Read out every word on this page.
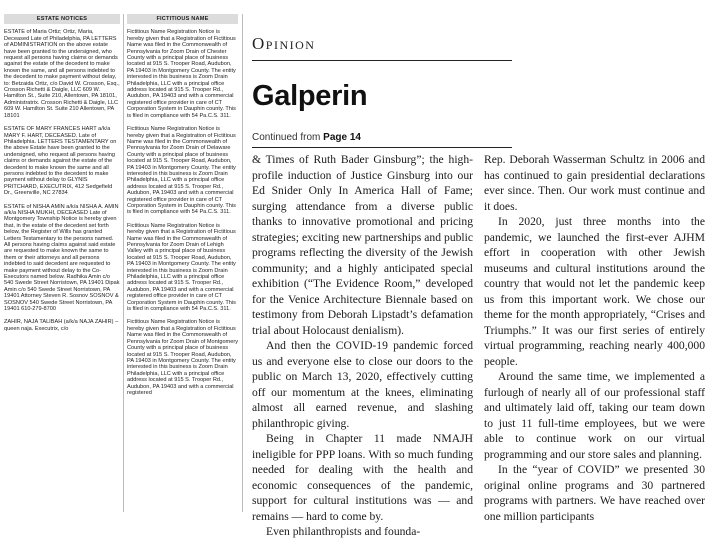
ESTATE NOTICES

ESTATE of Maria Ortiz; Ortiz, Maria, Deceased Late of Philadelphia, PA LETTERS of ADMINISTRATION on the above estate have been granted to the undersigned, who request all persons having claims or demands against the estate of the decedent to make known the same, and all persons indebted to the decedent to make payment without delay, to: Betzaida Ortiz, c/o David W. Crosson, Esq., Crosson Richetti & Daigle, LLC 609 W. Hamilton St., Suite 210, Allentown, PA 18101, Administratrix. Crosson Richetti & Daigle, LLC 609 W. Hamilton St. Suite 210 Allentown, PA 18101

ESTATE OF MARY FRANCES HART a/k/a MARY F. HART, DECEASED. Late of Philadelphia. LETTERS TESTAMENTARY on the above Estate have been granted to the undersigned, who request all persons having claims or demands against the estate of the decedent to make known the same and all persons indebted to the decedent to make payment without delay to GLYNIS PRITCHARD, EXECUTRIX, 412 Sedgefield Dr., Greenville, NC 27834

ESTATE of NISHA AMIN a/k/a NISHA A. AMIN a/k/a NISHA MUKHI, DECEASED Late of Montgomery Township Notice is hereby given that, in the estate of the decedent set forth below, the Register of Wills has granted Letters Testamentary to the persons named. All persons having claims against said estate are requested to make known the same to them or their attorneys and all persons indebted to said decedent are requested to make payment without delay to the Co-Executors named below. Radhika Amin c/o 540 Swede Street Norristown, PA 19401 Dipak Amin c/o 540 Swede Street Norristown, PA 19401 Attorney Steven R. Sosnov SOSNOV & SOSNOV 540 Swede Street Norristown, PA 19401 610-279-8700

ZAHIR, NAJA TALIBAH (a/k/a NAJA ZAHIR) – queen naja. Executrix, c/o

FICTITIOUS NAME

Fictitious Name Registration Notice is hereby given that a Registration of Fictitious Name was filed in the Commonwealth of Pennsylvania for Zoom Drain of Chester County with a principal place of business located at 915 S. Trooper Road, Audubon, PA 19403 in Montgomery County. The entity interested in this business is Zoom Drain Philadelphia, LLC with a principal office address located at 915 S. Trooper Rd., Audubon, PA 19403 and with a commercial registered office provider in care of CT Corporation System in Dauphin county. This is filed in compliance with 54 Pa.C.S. 311.

Fictitious Name Registration Notice is hereby given that a Registration of Fictitious Name was filed in the Commonwealth of Pennsylvania for Zoom Drain of Delaware County with a principal place of business located at 915 S. Trooper Road, Audubon, PA 19403 in Montgomery County. The entity interested in this business is Zoom Drain Philadelphia, LLC with a principal office address located at 915 S. Trooper Rd., Audubon, PA 19403 and with a commercial registered office provider in care of CT Corporation System in Dauphin county. This is filed in compliance with 54 Pa.C.S. 311.

Fictitious Name Registration Notice is hereby given that a Registration of Fictitious Name was filed in the Commonwealth of Pennsylvania for Zoom Drain of Lehigh Valley with a principal place of business located at 915 S. Trooper Road, Audubon, PA 19403 in Montgomery County. The entity interested in this business is Zoom Drain Philadelphia, LLC with a principal office address located at 915 S. Trooper Rd., Audubon, PA 19403 and with a commercial registered office provider in care of CT Corporation System in Dauphin county. This is filed in compliance with 54 Pa.C.S. 311.

Fictitious Name Registration Notice is hereby given that a Registration of Fictitious Name was filed in the Commonwealth of Pennsylvania for Zoom Drain of Montgomery County with a principal place of business located at 915 S. Trooper Road, Audubon, PA 19403 in Montgomery County. The entity interested in this business is Zoom Drain Philadelphia, LLC with a principal office address located at 915 S. Trooper Rd., Audubon, PA 19403 and with a commercial registered

Opinion
Galperin
Continued from Page 14

& Times of Ruth Bader Ginsburg”; the high-profile induction of Justice Ginsburg into our Ed Snider Only In America Hall of Fame; surging attendance from a diverse public thanks to innovative promotional and pricing strategies; exciting new partnerships and public programs reflecting the diversity of the Jewish community; and a highly anticipated special exhibition (“The Evidence Room,” developed for the Venice Architecture Biennale based on testimony from Deborah Lipstadt’s defamation trial about Holocaust denialism).

And then the COVID-19 pandemic forced us and everyone else to close our doors to the public on March 13, 2020, effectively cutting off our momentum at the knees, eliminating almost all earned revenue, and slashing philanthropic giving.

Being in Chapter 11 made NMAJH ineligible for PPP loans. With so much funding needed for dealing with the health and economic consequences of the pandemic, support for cultural institutions was — and remains — hard to come by.

Even philanthropists and founda-

Rep. Deborah Wasserman Schultz in 2006 and has continued to gain presidential declarations ever since. Then. Our work must continue and it does.

In 2020, just three months into the pandemic, we launched the first-ever AJHM effort in cooperation with other Jewish museums and cultural institutions around the country that would not let the pandemic keep us from this important work. We chose our theme for the month appropriately, “Crises and Triumphs.” It was our first series of entirely virtual programming, reaching nearly 400,000 people.

Around the same time, we implemented a furlough of nearly all of our professional staff and ultimately laid off, taking our team down to just 11 full-time employees, but we were able to continue work on our virtual programming and our store sales and planning.

In the “year of COVID” we presented 30 original online programs and 30 partnered programs with partners. We have reached over one million participants
